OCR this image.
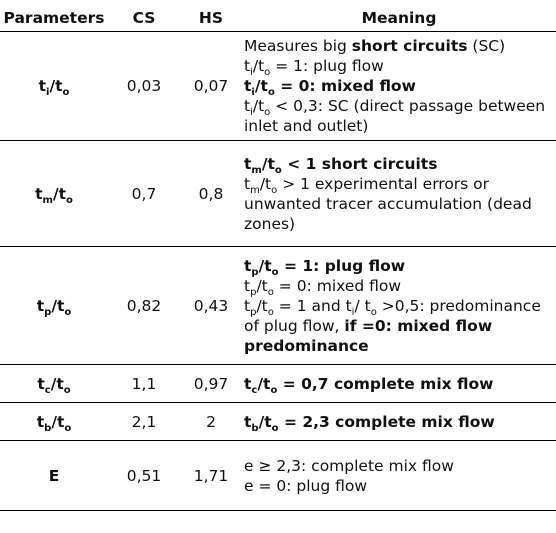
Parameters	CS	HS	Meaning
$t_i/t_o$	0,03	0,07	Measures big short circuits (SC)
$t_i/t_o = 1$: plug flow
$t_i/t_o = 0$: mixed flow
$t_i/t_o < 0,3$: SC (direct passage between
inlet and outlet)

$t_m/t_o$	0,7	0,8	$t_m/t_o < 1$ short circuits
$t_m/t_o > 1$ experimental errors or
unwanted tracer accumulation (dead
zones)

$t_p/t_o$	0,82	0,43	$t_p/t_o = 1$: plug flow
$t_p/t_o = 0$: mixed flow
$t_p/t_o = 1$ and $t_i/$ $t_o >0,5$: predominance
of plug flow, if =0: mixed flow
predominance

$t_c/t_o$	1,1	0,97	$t_c/t_o = 0,7$ complete mix flow

$t_b/t_o$	2,1	2	$t_b/t_o = 2,3$ complete mix flow

E	0,51	1,71	e ≥ 2,3: complete mix flow
e = 0: plug flow
